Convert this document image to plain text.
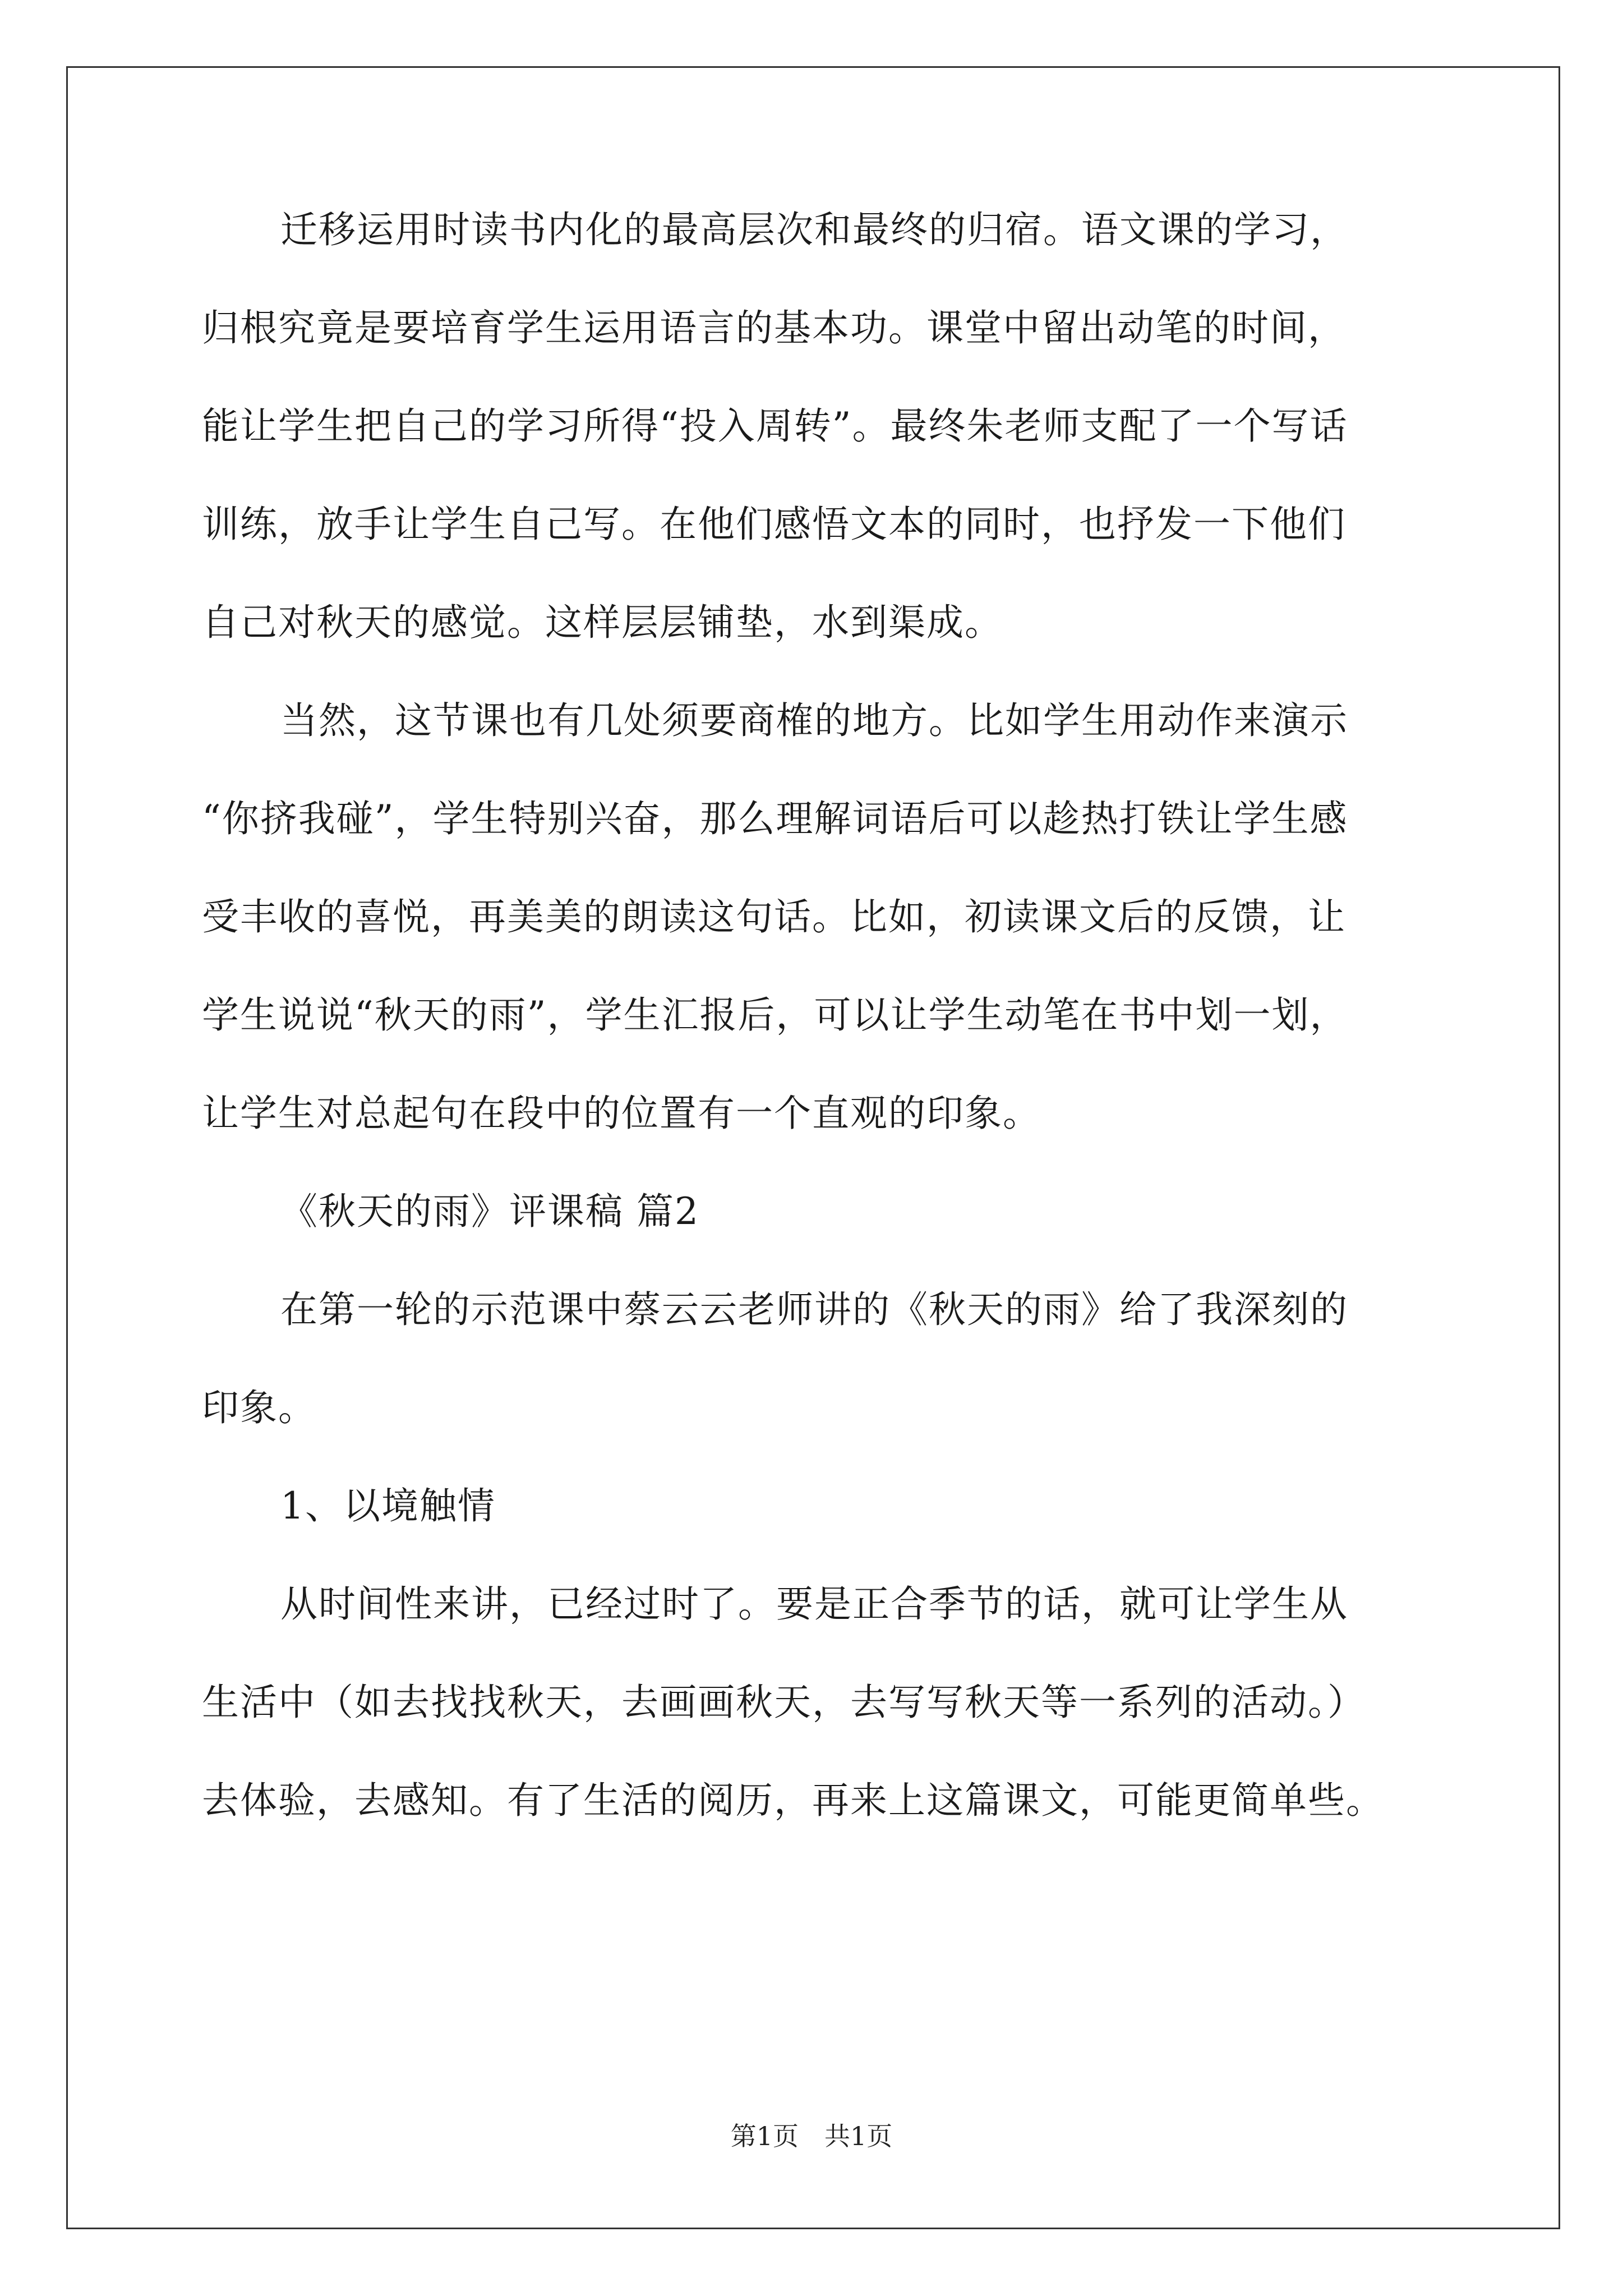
迁移运用时读书内化的最高层次和最终的归宿。语文课的学习，
归根究竟是要培育学生运用语言的基本功。课堂中留出动笔的时间，
能让学生把自己的学习所得“投入周转”。最终朱老师支配了一个写话
训练，放手让学生自己写。在他们感悟文本的同时，也抒发一下他们
自己对秋天的感觉。这样层层铺垫，水到渠成。
当然，这节课也有几处须要商榷的地方。比如学生用动作来演示
“你挤我碰”，学生特别兴奋，那么理解词语后可以趁热打铁让学生感
受丰收的喜悦，再美美的朗读这句话。比如，初读课文后的反馈，让
学生说说“秋天的雨”，学生汇报后，可以让学生动笔在书中划一划，
让学生对总起句在段中的位置有一个直观的印象。
《秋天的雨》评课稿 篇2
在第一轮的示范课中蔡云云老师讲的《秋天的雨》给了我深刻的
印象。
1、以境触情
从时间性来讲，已经过时了。要是正合季节的话，就可让学生从
生活中（如去找找秋天，去画画秋天，去写写秋天等一系列的活动。）
去体验，去感知。有了生活的阅历，再来上这篇课文，可能更简单些。
第1页　共1页
